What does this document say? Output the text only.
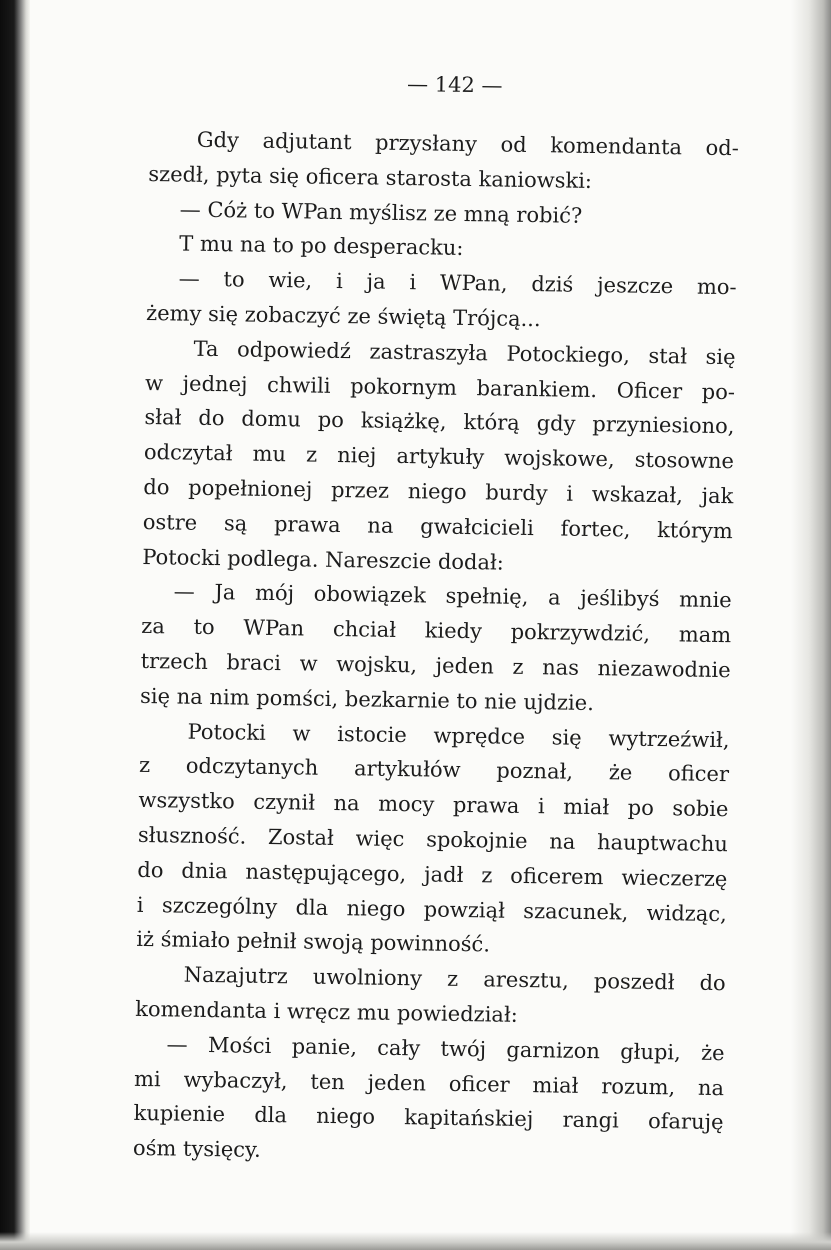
— 142 —
Gdy adjutant przysłany od komendanta od-
szedł, pyta się oficera starosta kaniowski:
— Cóż to WPan myślisz ze mną robić?
T mu na to po desperacku:
— to wie, i ja i WPan, dziś jeszcze mo-
żemy się zobaczyć ze świętą Trójcą...
Ta odpowiedź zastraszyła Potockiego, stał się
w jednej chwili pokornym barankiem. Oficer po-
słał do domu po książkę, którą gdy przyniesiono,
odczytał mu z niej artykuły wojskowe, stosowne
do popełnionej przez niego burdy i wskazał, jak
ostre są prawa na gwałcicieli fortec, którym
Potocki podlega. Nareszcie dodał:
— Ja mój obowiązek spełnię, a jeślibyś mnie
za to WPan chciał kiedy pokrzywdzić, mam
trzech braci w wojsku, jeden z nas niezawodnie
się na nim pomści, bezkarnie to nie ujdzie.
Potocki w istocie wprędce się wytrzeźwił,
z odczytanych artykułów poznał, że oficer
wszystko czynił na mocy prawa i miał po sobie
słuszność. Został więc spokojnie na hauptwachu
do dnia następującego, jadł z oficerem wieczerzę
i szczególny dla niego powziął szacunek, widząc,
iż śmiało pełnił swoją powinność.
Nazajutrz uwolniony z aresztu, poszedł do
komendanta i wręcz mu powiedział:
— Mości panie, cały twój garnizon głupi, że
mi wybaczył, ten jeden oficer miał rozum, na
kupienie dla niego kapitańskiej rangi ofaruję
ośm tysięcy.
